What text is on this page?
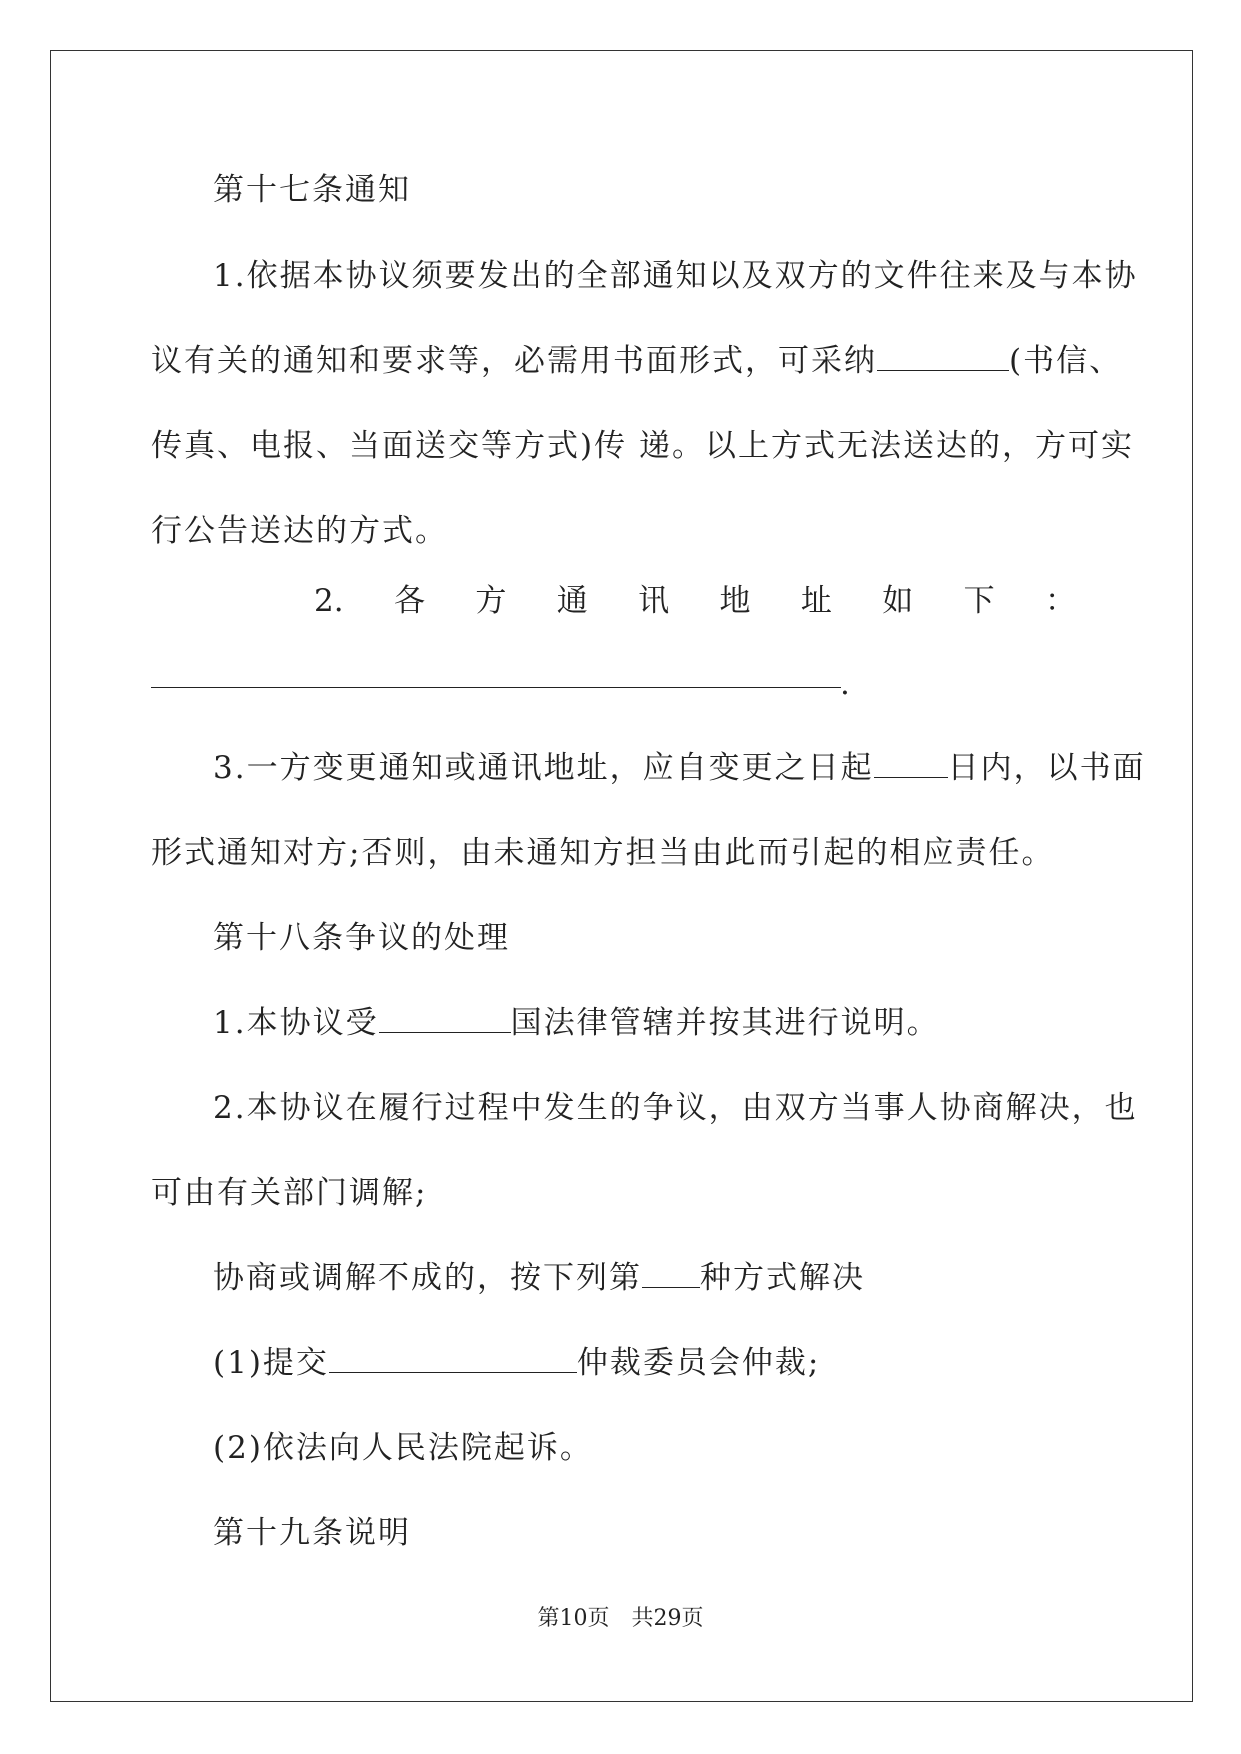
第十七条通知
1.依据本协议须要发出的全部通知以及双方的文件往来及与本协
议有关的通知和要求等，必需用书面形式，可采纳	(书信、
传真、电报、当面送交等方式)传 递。以上方式无法送达的，方可实
行公告送达的方式。
2. 各 方 通 讯 地 址 如 下 ：
.
3.一方变更通知或通讯地址，应自变更之日起 日内，以书面
形式通知对方;否则，由未通知方担当由此而引起的相应责任。
第十八条争议的处理
1.本协议受	国法律管辖并按其进行说明。
2.本协议在履行过程中发生的争议，由双方当事人协商解决，也
可由有关部门调解;
协商或调解不成的，按下列第 种方式解决
(1)提交	仲裁委员会仲裁;
(2)依法向人民法院起诉。
第十九条说明
第10页　共29页
